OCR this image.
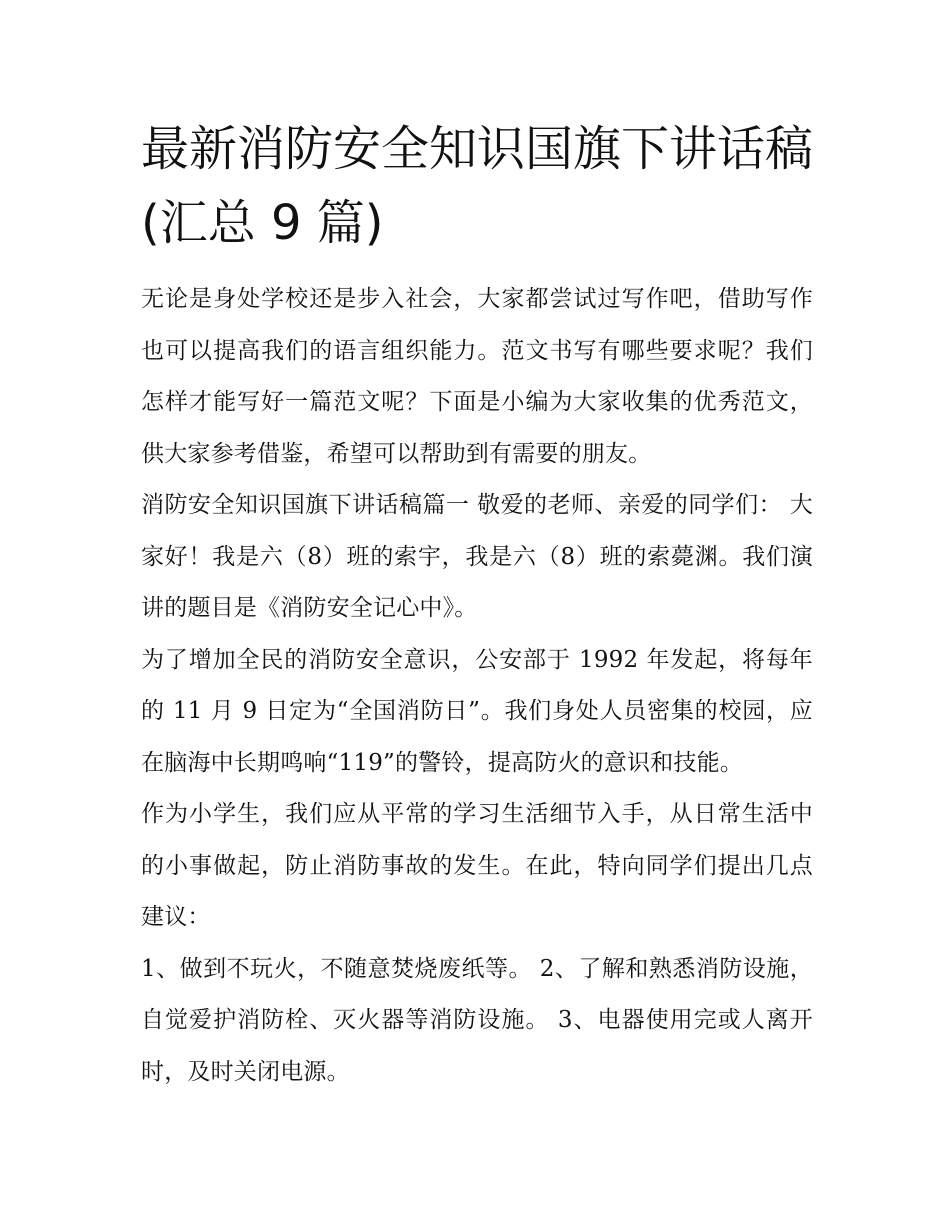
最新消防安全知识国旗下讲话稿(汇总 9 篇)

无论是身处学校还是步入社会，大家都尝试过写作吧，借助写作也可以提高我们的语言组织能力。范文书写有哪些要求呢？我们怎样才能写好一篇范文呢？下面是小编为大家收集的优秀范文，供大家参考借鉴，希望可以帮助到有需要的朋友。

消防安全知识国旗下讲话稿篇一 敬爱的老师、亲爱的同学们： 大家好！我是六（8）班的索宇，我是六（8）班的索薨渊。我们演讲的题目是《消防安全记心中》。

为了增加全民的消防安全意识，公安部于 1992 年发起，将每年的 11 月 9 日定为“全国消防日”。我们身处人员密集的校园，应在脑海中长期鸣响“119”的警铃，提高防火的意识和技能。

作为小学生，我们应从平常的学习生活细节入手，从日常生活中的小事做起，防止消防事故的发生。在此，特向同学们提出几点建议：

1、做到不玩火，不随意焚烧废纸等。 2、了解和熟悉消防设施，自觉爱护消防栓、灭火器等消防设施。 3、电器使用完或人离开时，及时关闭电源。
